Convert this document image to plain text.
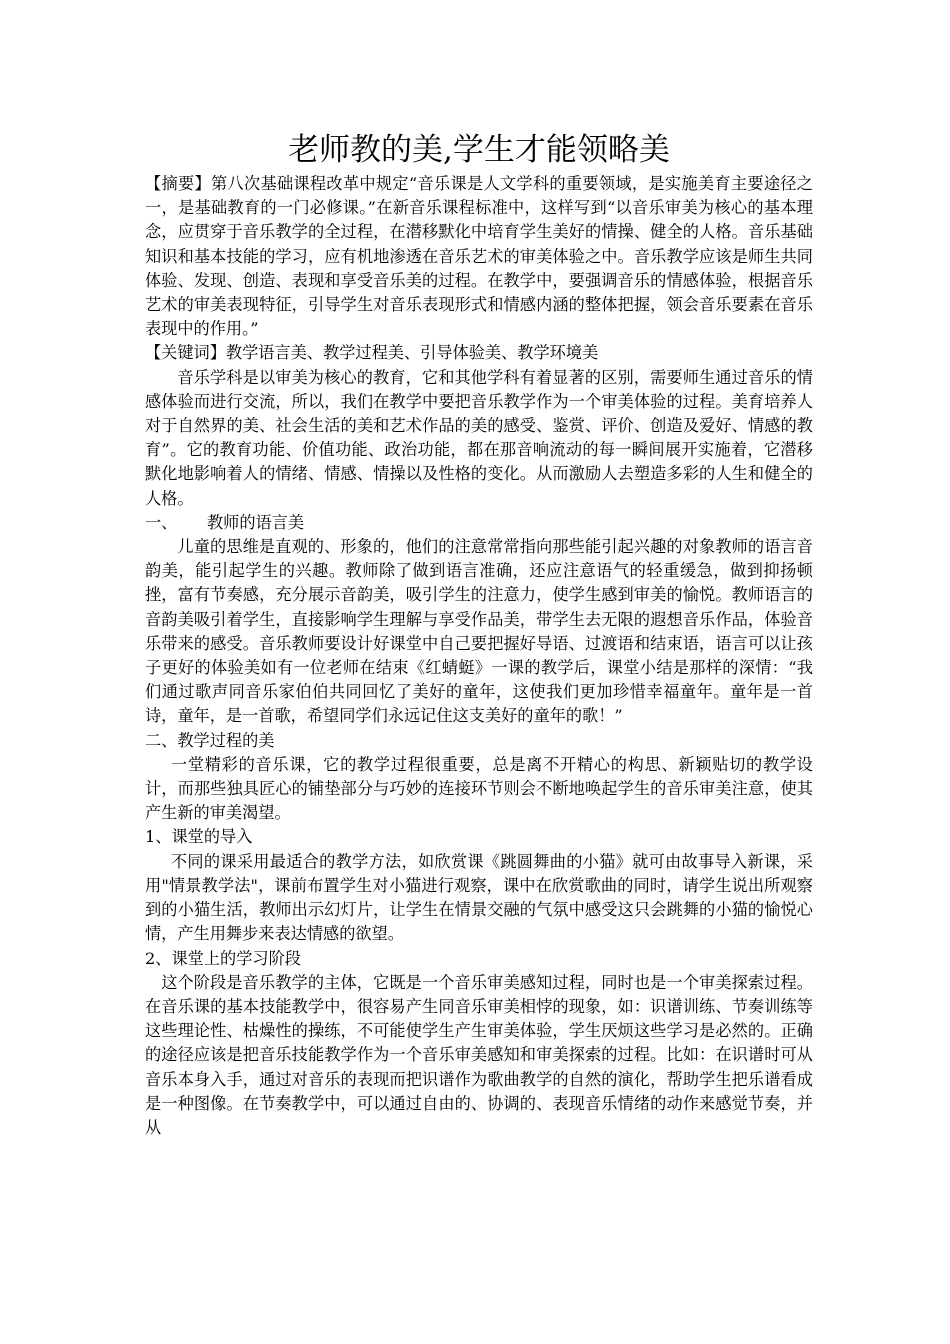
老师教的美,学生才能领略美

【摘要】第八次基础课程改革中规定“音乐课是人文学科的重要领域，是实施美育主要途径之一，是基础教育的一门必修课。”在新音乐课程标准中，这样写到“以音乐审美为核心的基本理念，应贯穿于音乐教学的全过程，在潜移默化中培育学生美好的情操、健全的人格。音乐基础知识和基本技能的学习，应有机地渗透在音乐艺术的审美体验之中。音乐教学应该是师生共同体验、发现、创造、表现和享受音乐美的过程。在教学中，要强调音乐的情感体验，根据音乐艺术的审美表现特征，引导学生对音乐表现形式和情感内涵的整体把握，领会音乐要素在音乐表现中的作用。”

【关键词】教学语言美、教学过程美、引导体验美、教学环境美

音乐学科是以审美为核心的教育，它和其他学科有着显著的区别，需要师生通过音乐的情感体验而进行交流，所以，我们在教学中要把音乐教学作为一个审美体验的过程。美育培养人对于自然界的美、社会生活的美和艺术作品的美的感受、鉴赏、评价、创造及爱好、情感的教育”。它的教育功能、价值功能、政治功能，都在那音响流动的每一瞬间展开实施着，它潜移默化地影响着人的情绪、情感、情操以及性格的变化。从而激励人去塑造多彩的人生和健全的人格。

一、 教师的语言美

儿童的思维是直观的、形象的，他们的注意常常指向那些能引起兴趣的对象教师的语言音韵美，能引起学生的兴趣。教师除了做到语言准确，还应注意语气的轻重缓急，做到抑扬顿挫，富有节奏感，充分展示音韵美，吸引学生的注意力，使学生感到审美的愉悦。教师语言的音韵美吸引着学生，直接影响学生理解与享受作品美，带学生去无限的遐想音乐作品，体验音乐带来的感受。音乐教师要设计好课堂中自己要把握好导语、过渡语和结束语，语言可以让孩子更好的体验美如有一位老师在结束《红蜻蜓》一课的教学后，课堂小结是那样的深情：“我们通过歌声同音乐家伯伯共同回忆了美好的童年，这使我们更加珍惜幸福童年。童年是一首诗，童年，是一首歌，希望同学们永远记住这支美好的童年的歌！”

二、教学过程的美

一堂精彩的音乐课，它的教学过程很重要，总是离不开精心的构思、新颖贴切的教学设计，而那些独具匠心的铺垫部分与巧妙的连接环节则会不断地唤起学生的音乐审美注意，使其产生新的审美渴望。

1、课堂的导入

不同的课采用最适合的教学方法，如欣赏课《跳圆舞曲的小猫》就可由故事导入新课，采用"情景教学法"，课前布置学生对小猫进行观察，课中在欣赏歌曲的同时，请学生说出所观察到的小猫生活，教师出示幻灯片，让学生在情景交融的气氛中感受这只会跳舞的小猫的愉悦心情，产生用舞步来表达情感的欲望。

2、课堂上的学习阶段

这个阶段是音乐教学的主体，它既是一个音乐审美感知过程，同时也是一个审美探索过程。在音乐课的基本技能教学中，很容易产生同音乐审美相悖的现象，如：识谱训练、节奏训练等这些理论性、枯燥性的操练，不可能使学生产生审美体验，学生厌烦这些学习是必然的。正确的途径应该是把音乐技能教学作为一个音乐审美感知和审美探索的过程。比如：在识谱时可从音乐本身入手，通过对音乐的表现而把识谱作为歌曲教学的自然的演化，帮助学生把乐谱看成是一种图像。在节奏教学中，可以通过自由的、协调的、表现音乐情绪的动作来感觉节奏，并从
